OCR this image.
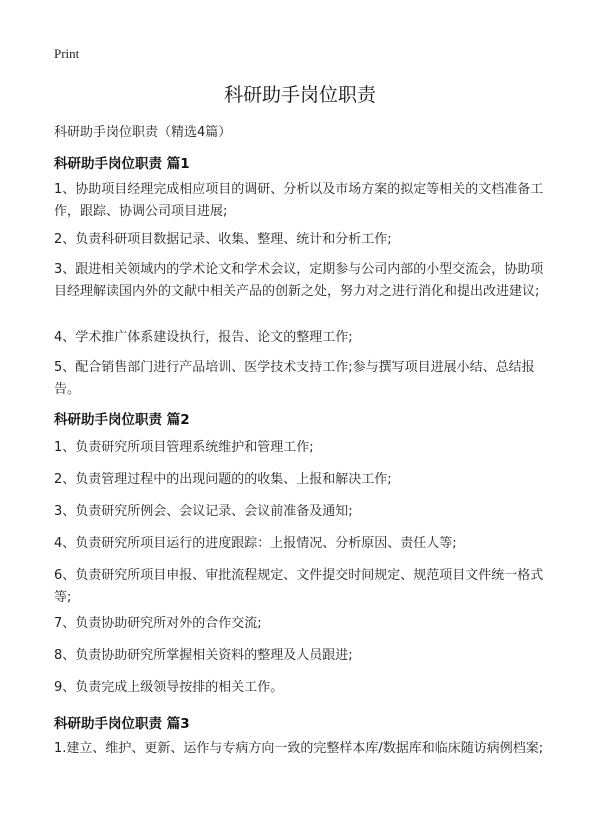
Print
科研助手岗位职责
科研助手岗位职责（精选4篇）
科研助手岗位职责 篇1
1、协助项目经理完成相应项目的调研、分析以及市场方案的拟定等相关的文档准备工作，跟踪、协调公司项目进展;
2、负责科研项目数据记录、收集、整理、统计和分析工作;
3、跟进相关领域内的学术论文和学术会议，定期参与公司内部的小型交流会，协助项目经理解读国内外的文献中相关产品的创新之处，努力对之进行消化和提出改进建议;
4、学术推广体系建设执行，报告、论文的整理工作;
5、配合销售部门进行产品培训、医学技术支持工作;参与撰写项目进展小结、总结报告。
科研助手岗位职责 篇2
1、负责研究所项目管理系统维护和管理工作;
2、负责管理过程中的出现问题的的收集、上报和解决工作;
3、负责研究所例会、会议记录、会议前准备及通知;
4、负责研究所项目运行的进度跟踪：上报情况、分析原因、责任人等;
6、负责研究所项目申报、审批流程规定、文件提交时间规定、规范项目文件统一格式等;
7、负责协助研究所对外的合作交流;
8、负责协助研究所掌握相关资料的整理及人员跟进;
9、负责完成上级领导按排的相关工作。
科研助手岗位职责 篇3
1.建立、维护、更新、运作与专病方向一致的完整样本库/数据库和临床随访病例档案;
